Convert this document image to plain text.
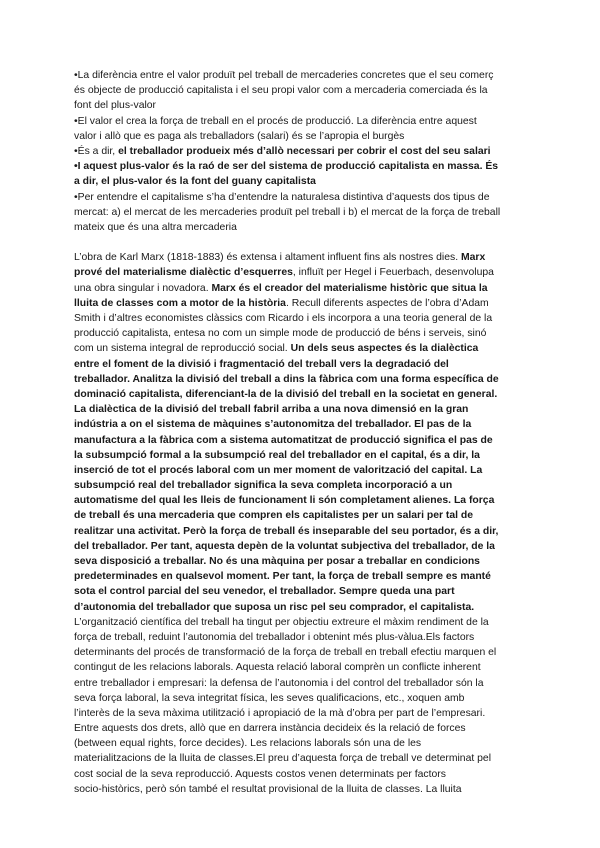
•La diferència entre el valor produït pel treball de mercaderies concretes que el seu comerç
és objecte de producció capitalista i el seu propi valor com a mercaderia comerciada és la
font del plus-valor
•El valor el crea la força de treball en el procés de producció. La diferència entre aquest
valor i allò que es paga als treballadors (salari) és se l’apropia el burgès
•És a dir, el treballador produeix més d’allò necessari per cobrir el cost del seu salari
•I aquest plus-valor és la raó de ser del sistema de producció capitalista en massa. És
a dir, el plus-valor és la font del guany capitalista
•Per entendre el capitalisme s’ha d’entendre la naturalesa distintiva d’aquests dos tipus de
mercat: a) el mercat de les mercaderies produït pel treball i b) el mercat de la força de treball
mateix que és una altra mercaderia
L’obra de Karl Marx (1818-1883) és extensa i altament influent fins als nostres dies. Marx
prové del materialisme dialèctic d’esquerres, influït per Hegel i Feuerbach, desenvolupa
una obra singular i novadora. Marx és el creador del materialisme històric que situa la
lluita de classes com a motor de la història. Recull diferents aspectes de l’obra d’Adam
Smith i d’altres economistes clàssics com Ricardo i els incorpora a una teoria general de la
producció capitalista, entesa no com un simple mode de producció de béns i serveis, sinó
com un sistema integral de reproducció social. Un dels seus aspectes és la dialèctica
entre el foment de la divisió i fragmentació del treball vers la degradació del
treballador. Analitza la divisió del treball a dins la fàbrica com una forma específica de
dominació capitalista, diferenciant-la de la divisió del treball en la societat en general.
La dialèctica de la divisió del treball fabril arriba a una nova dimensió en la gran
indústria a on el sistema de màquines s’autonomitza del treballador. El pas de la
manufactura a la fàbrica com a sistema automatitzat de producció significa el pas de
la subsumpció formal a la subsumpció real del treballador en el capital, és a dir, la
inserció de tot el procés laboral com un mer moment de valorització del capital. La
subsumpció real del treballador significa la seva completa incorporació a un
automatisme del qual les lleis de funcionament li són completament alienes. La força
de treball és una mercaderia que compren els capitalistes per un salari per tal de
realitzar una activitat. Però la força de treball és inseparable del seu portador, és a dir,
del treballador. Per tant, aquesta depèn de la voluntat subjectiva del treballador, de la
seva disposició a treballar. No és una màquina per posar a treballar en condicions
predeterminades en qualsevol moment. Per tant, la força de treball sempre es manté
sota el control parcial del seu venedor, el treballador. Sempre queda una part
d’autonomia del treballador que suposa un risc pel seu comprador, el capitalista.
L’organització científica del treball ha tingut per objectiu extreure el màxim rendiment de la
força de treball, reduint l’autonomia del treballador i obtenint més plus-vàlua.Els factors
determinants del procés de transformació de la força de treball en treball efectiu marquen el
contingut de les relacions laborals. Aquesta relació laboral comprèn un conflicte inherent
entre treballador i empresari: la defensa de l’autonomia i del control del treballador són la
seva força laboral, la seva integritat física, les seves qualificacions, etc., xoquen amb
l’interès de la seva màxima utilització i apropiació de la mà d’obra per part de l’empresari.
Entre aquests dos drets, allò que en darrera instància decideix és la relació de forces
(between equal rights, force decides). Les relacions laborals són una de les
materialitzacions de la lluita de classes.El preu d’aquesta força de treball ve determinat pel
cost social de la seva reproducció. Aquests costos venen determinats per factors
socio-històrics, però són també el resultat provisional de la lluita de classes. La lluita
